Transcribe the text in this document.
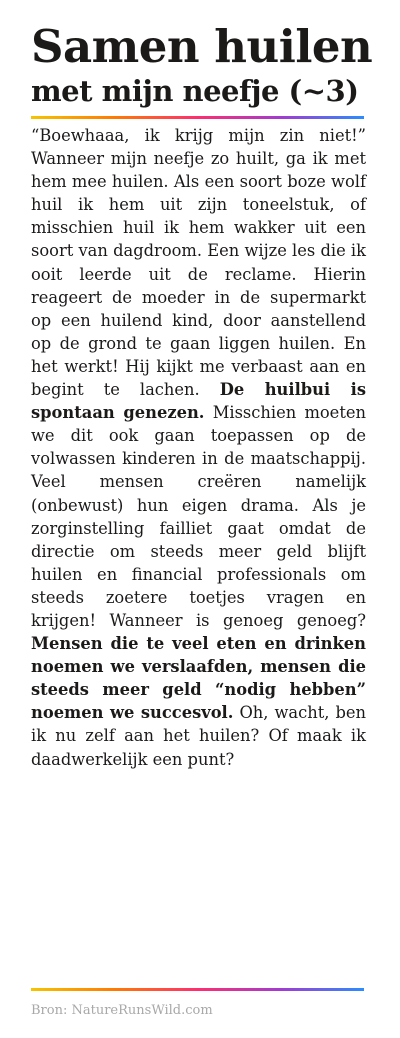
Samen huilen
met mijn neefje (~3)

“Boewhaaa, ik krijg mijn zin niet!” Wanneer mijn neefje zo huilt, ga ik met hem mee huilen. Als een soort boze wolf huil ik hem uit zijn toneelstuk, of misschien huil ik hem wakker uit een soort van dagdroom. Een wijze les die ik ooit leerde uit de reclame. Hierin reageert de moeder in de supermarkt op een huilend kind, door aanstellend op de grond te gaan liggen huilen. En het werkt! Hij kijkt me verbaast aan en begint te lachen. De huilbui is spontaan genezen. Misschien moeten we dit ook gaan toepassen op de volwassen kinderen in de maatschappij. Veel mensen creëren namelijk (onbewust) hun eigen drama. Als je zorginstelling failliet gaat omdat de directie om steeds meer geld blijft huilen en financial professionals om steeds zoetere toetjes vragen en krijgen! Wanneer is genoeg genoeg? Mensen die te veel eten en drinken noemen we verslaafden, mensen die steeds meer geld “nodig hebben” noemen we succesvol. Oh, wacht, ben ik nu zelf aan het huilen? Of maak ik daadwerkelijk een punt?

Bron: NatureRunsWild.com
